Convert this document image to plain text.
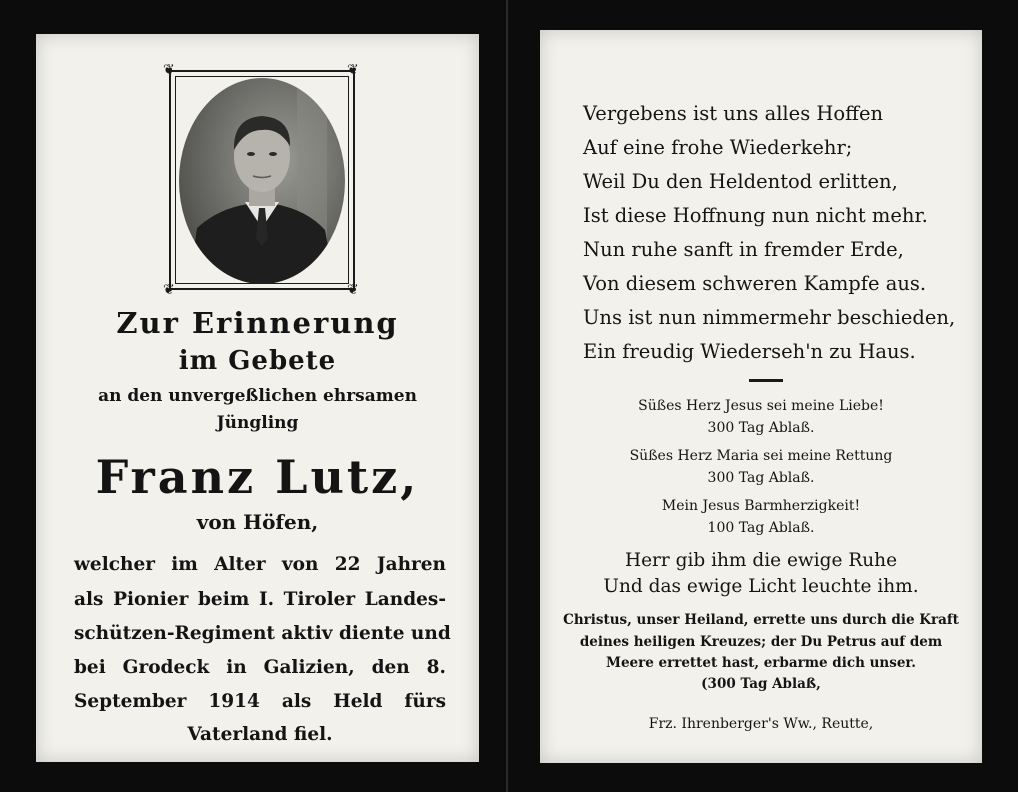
❦	❦
❦	❦
Zur Erinnerung
im Gebete
an den unvergeßlichen ehrsamen
Jüngling
Franz Lutz,
von Höfen,
welcher im Alter von 22 Jahren
als Pionier beim I. Tiroler Landes-
schützen-Regiment aktiv diente und
bei Grodeck in Galizien, den 8.
September 1914 als Held fürs
Vaterland fiel.
Vergebens ist uns alles Hoffen
Auf eine frohe Wiederkehr;
Weil Du den Heldentod erlitten,
Ist diese Hoffnung nun nicht mehr.
Nun ruhe sanft in fremder Erde,
Von diesem schweren Kampfe aus.
Uns ist nun nimmermehr beschieden,
Ein freudig Wiederseh'n zu Haus.
Süßes Herz Jesus sei meine Liebe!
300 Tag Ablaß.
Süßes Herz Maria sei meine Rettung
300 Tag Ablaß.
Mein Jesus Barmherzigkeit!
100 Tag Ablaß.
Herr gib ihm die ewige Ruhe
Und das ewige Licht leuchte ihm.
Christus, unser Heiland, errette uns durch die Kraft
deines heiligen Kreuzes; der Du Petrus auf dem
Meere errettet hast, erbarme dich unser.
(300 Tag Ablaß,
Frz. Ihrenberger's Ww., Reutte,
